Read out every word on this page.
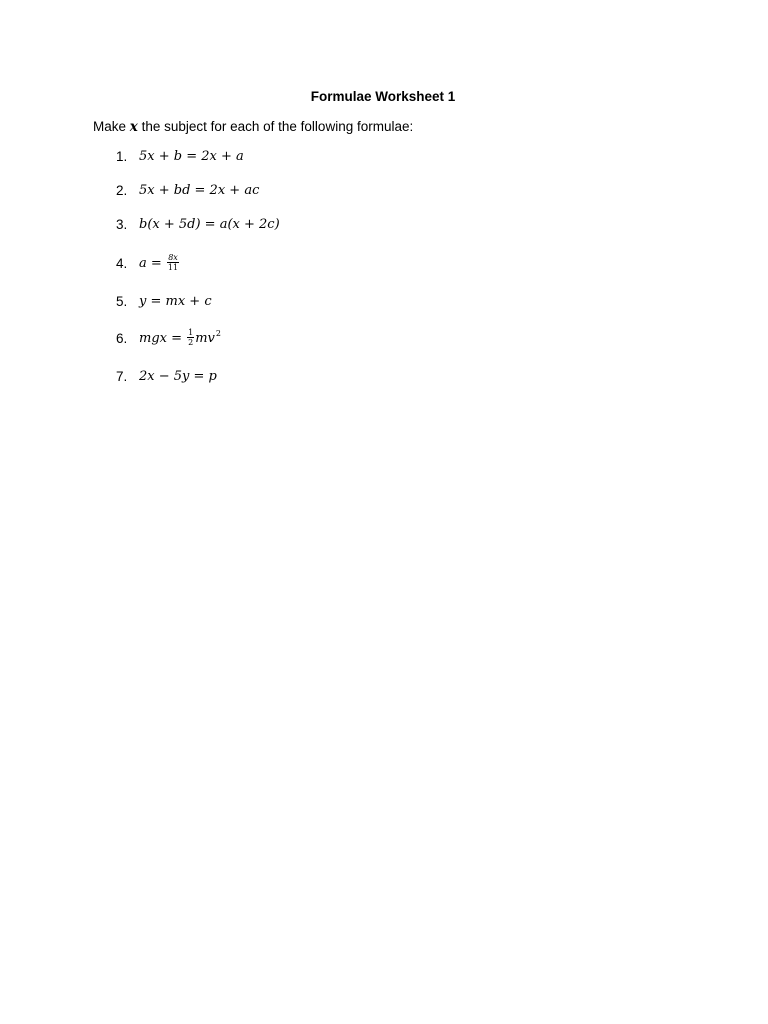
Formulae Worksheet 1
Make x the subject for each of the following formulae:
1. 5x + b = 2x + a
2. 5x + bd = 2x + ac
3. b(x + 5d) = a(x + 2c)
4. $a = \frac{8x}{11}$
5. y = mx + c
6. mgx = $\frac{1}{2} mv^2$
7. 2x − 5y = p
